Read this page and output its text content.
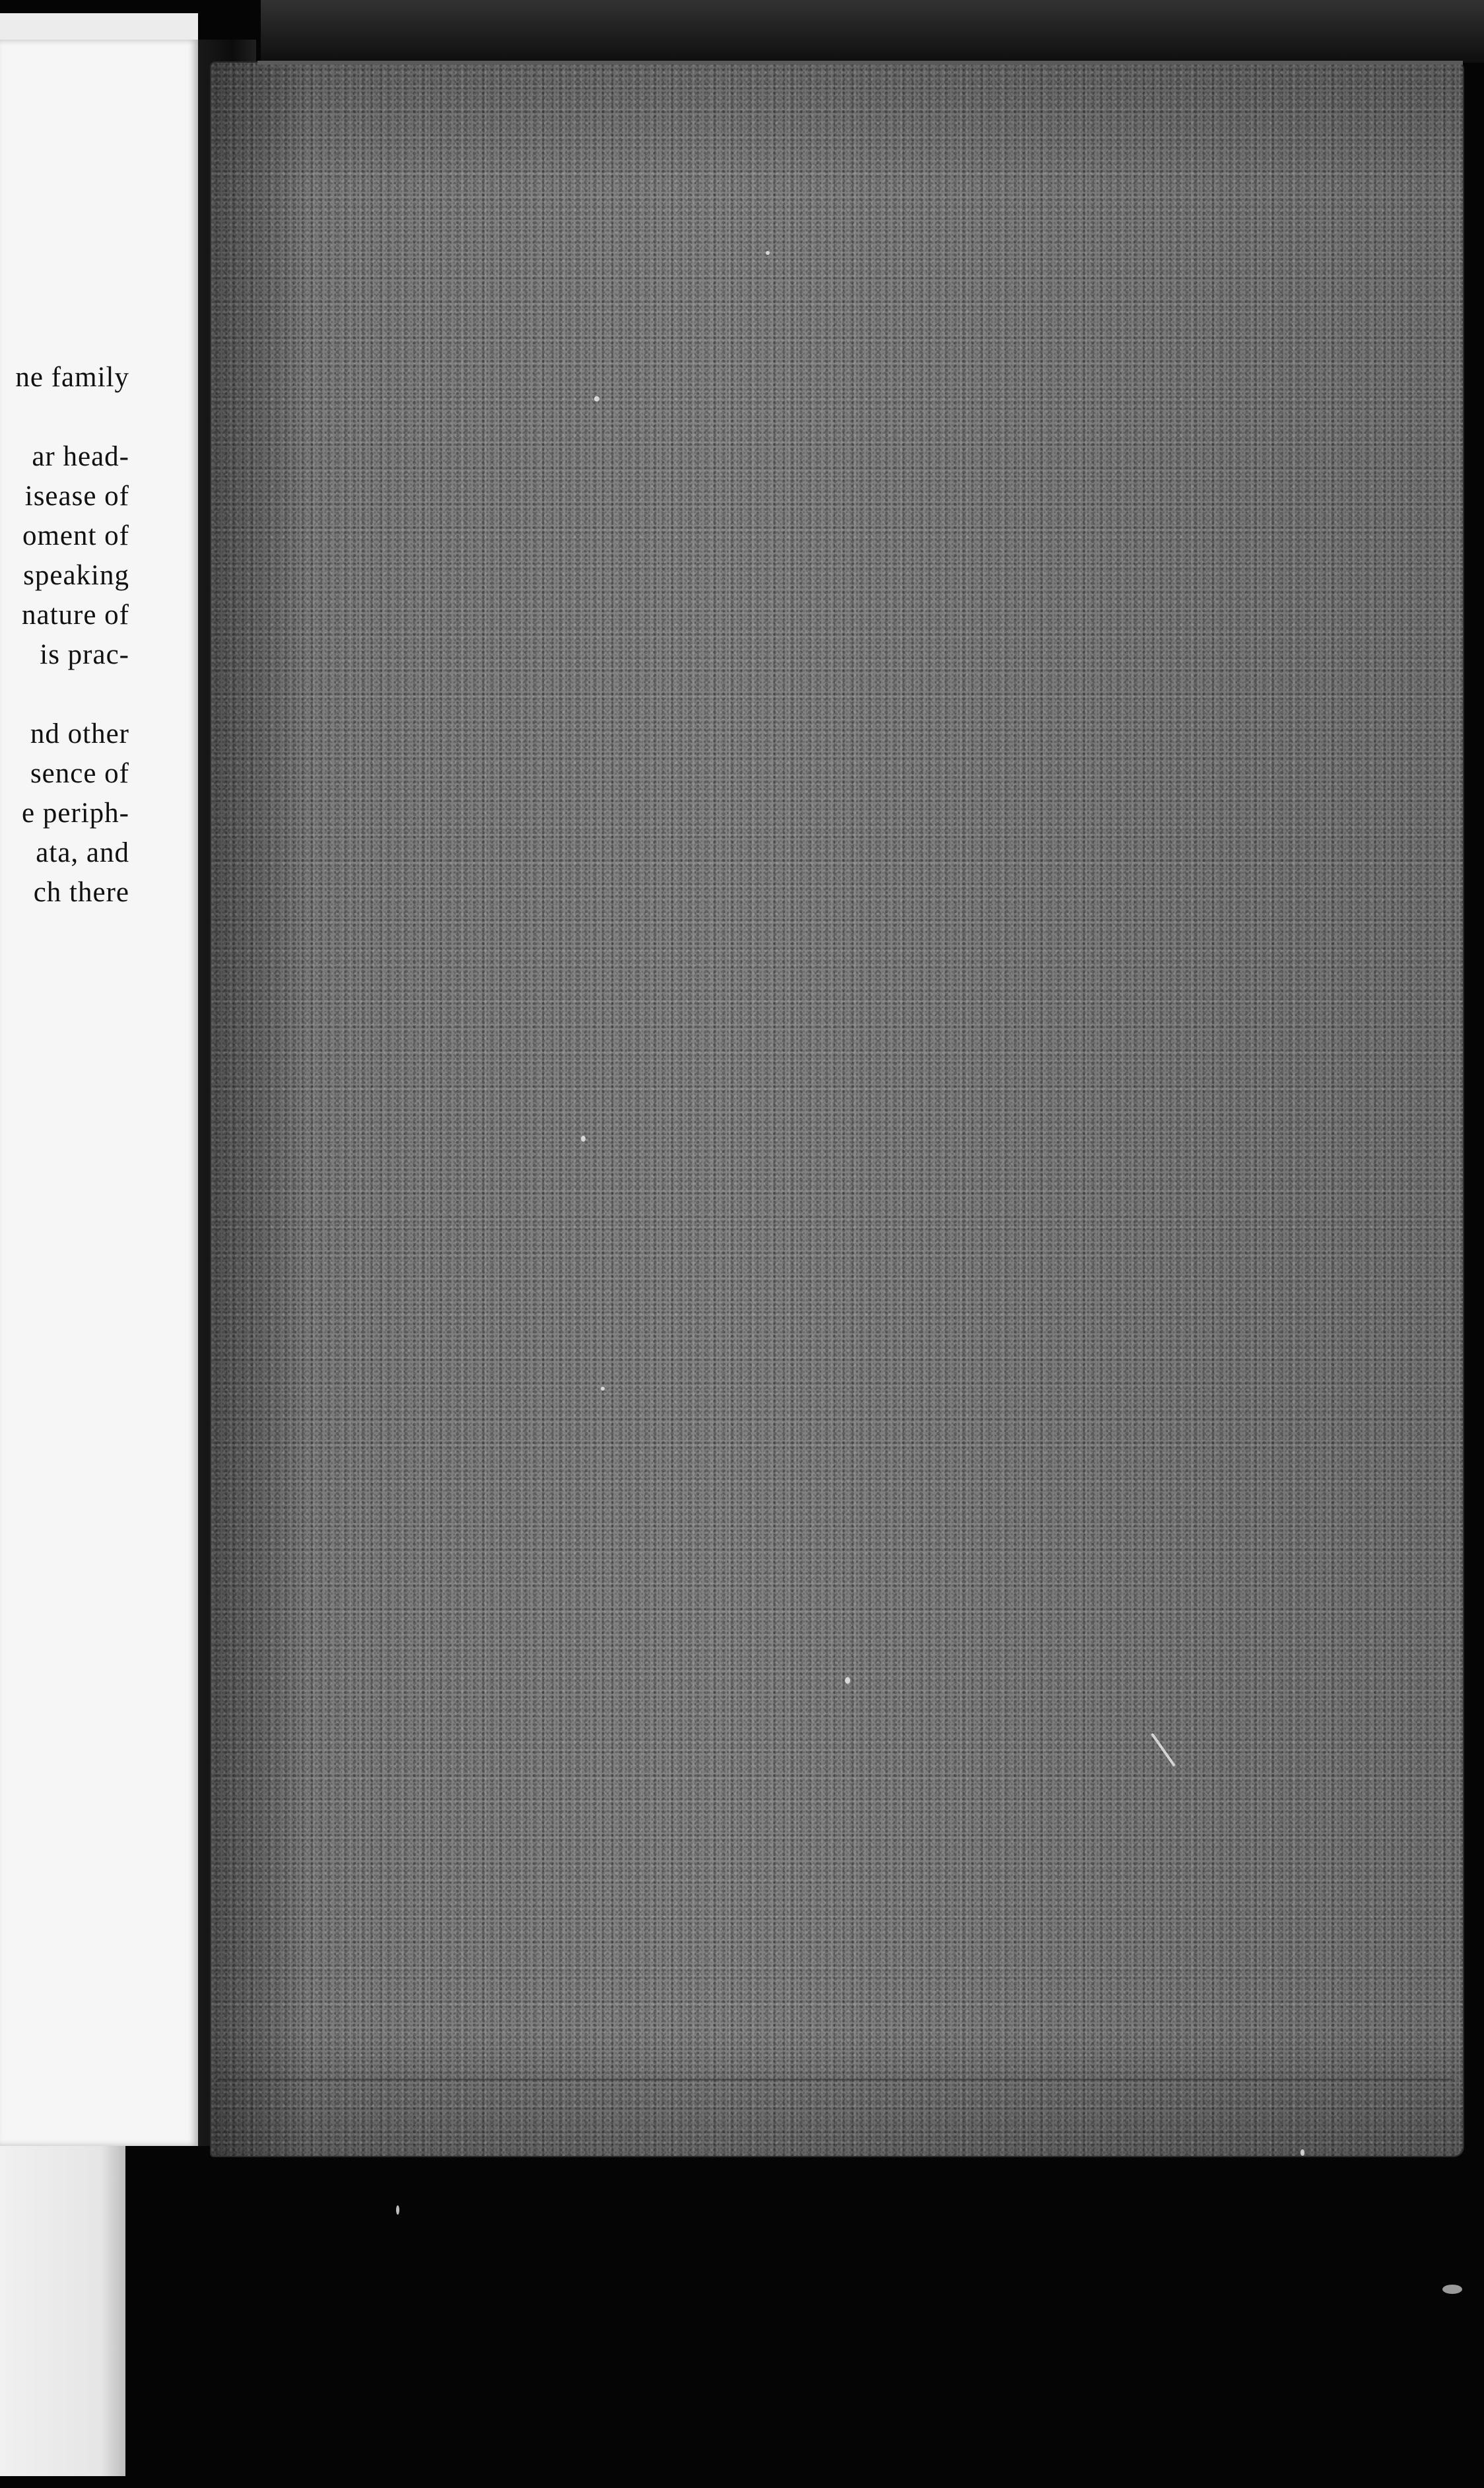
ne family
ar head-
isease of
oment of
speaking
nature of
is prac-
nd other
sence of
e periph-
ata, and
ch there
